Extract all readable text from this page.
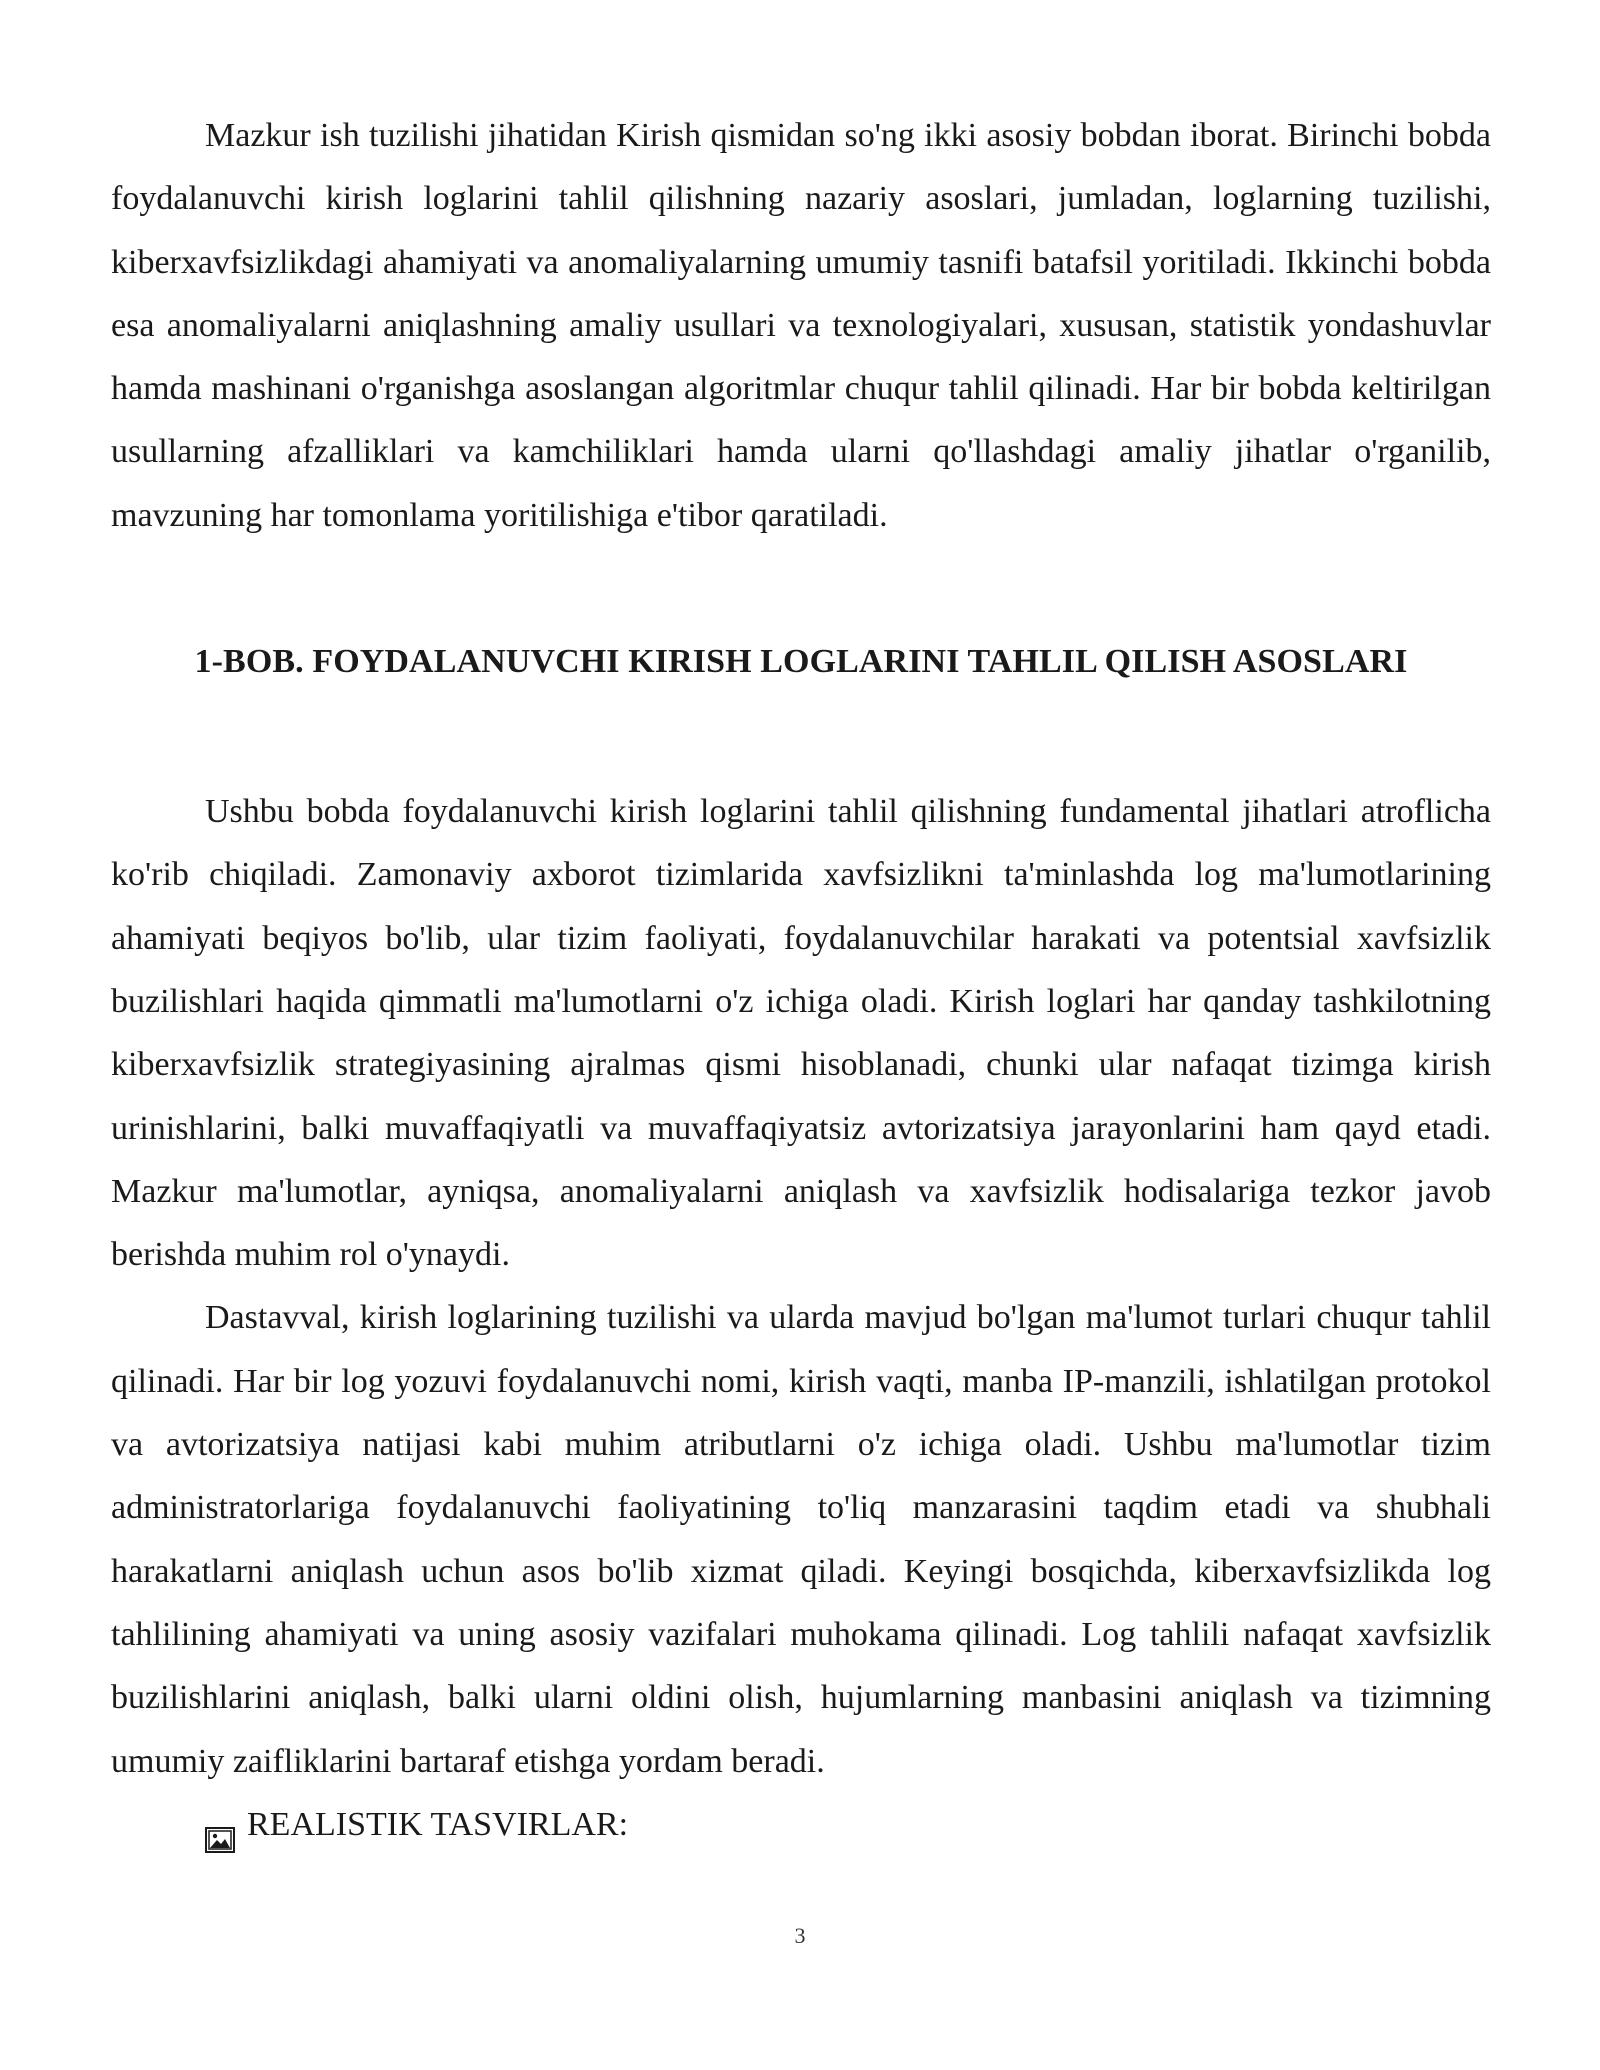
Mazkur ish tuzilishi jihatidan Kirish qismidan so'ng ikki asosiy bobdan iborat. Birinchi bobda foydalanuvchi kirish loglarini tahlil qilishning nazariy asoslari, jumladan, loglarning tuzilishi, kiberxavfsizlikdagi ahamiyati va anomaliyalarning umumiy tasnifi batafsil yoritiladi. Ikkinchi bobda esa anomaliyalarni aniqlashning amaliy usullari va texnologiyalari, xususan, statistik yondashuvlar hamda mashinani o'rganishga asoslangan algoritmlar chuqur tahlil qilinadi. Har bir bobda keltirilgan usullarning afzalliklari va kamchiliklari hamda ularni qo'llashdagi amaliy jihatlar o'rganilib, mavzuning har tomonlama yoritilishiga e'tibor qaratiladi.

1-BOB. FOYDALANUVCHI KIRISH LOGLARINI TAHLIL QILISH ASOSLARI

Ushbu bobda foydalanuvchi kirish loglarini tahlil qilishning fundamental jihatlari atroflicha ko'rib chiqiladi. Zamonaviy axborot tizimlarida xavfsizlikni ta'minlashda log ma'lumotlarining ahamiyati beqiyos bo'lib, ular tizim faoliyati, foydalanuvchilar harakati va potentsial xavfsizlik buzilishlari haqida qimmatli ma'lumotlarni o'z ichiga oladi. Kirish loglari har qanday tashkilotning kiberxavfsizlik strategiyasining ajralmas qismi hisoblanadi, chunki ular nafaqat tizimga kirish urinishlarini, balki muvaffaqiyatli va muvaffaqiyatsiz avtorizatsiya jarayonlarini ham qayd etadi. Mazkur ma'lumotlar, ayniqsa, anomaliyalarni aniqlash va xavfsizlik hodisalariga tezkor javob berishda muhim rol o'ynaydi.

Dastavval, kirish loglarining tuzilishi va ularda mavjud bo'lgan ma'lumot turlari chuqur tahlil qilinadi. Har bir log yozuvi foydalanuvchi nomi, kirish vaqti, manba IP-manzili, ishlatilgan protokol va avtorizatsiya natijasi kabi muhim atributlarni o'z ichiga oladi. Ushbu ma'lumotlar tizim administratorlariga foydalanuvchi faoliyatining to'liq manzarasini taqdim etadi va shubhali harakatlarni aniqlash uchun asos bo'lib xizmat qiladi. Keyingi bosqichda, kiberxavfsizlikda log tahlilining ahamiyati va uning asosiy vazifalari muhokama qilinadi. Log tahlili nafaqat xavfsizlik buzilishlarini aniqlash, balki ularni oldini olish, hujumlarning manbasini aniqlash va tizimning umumiy zaifliklarini bartaraf etishga yordam beradi.

REALISTIK TASVIRLAR:

3
